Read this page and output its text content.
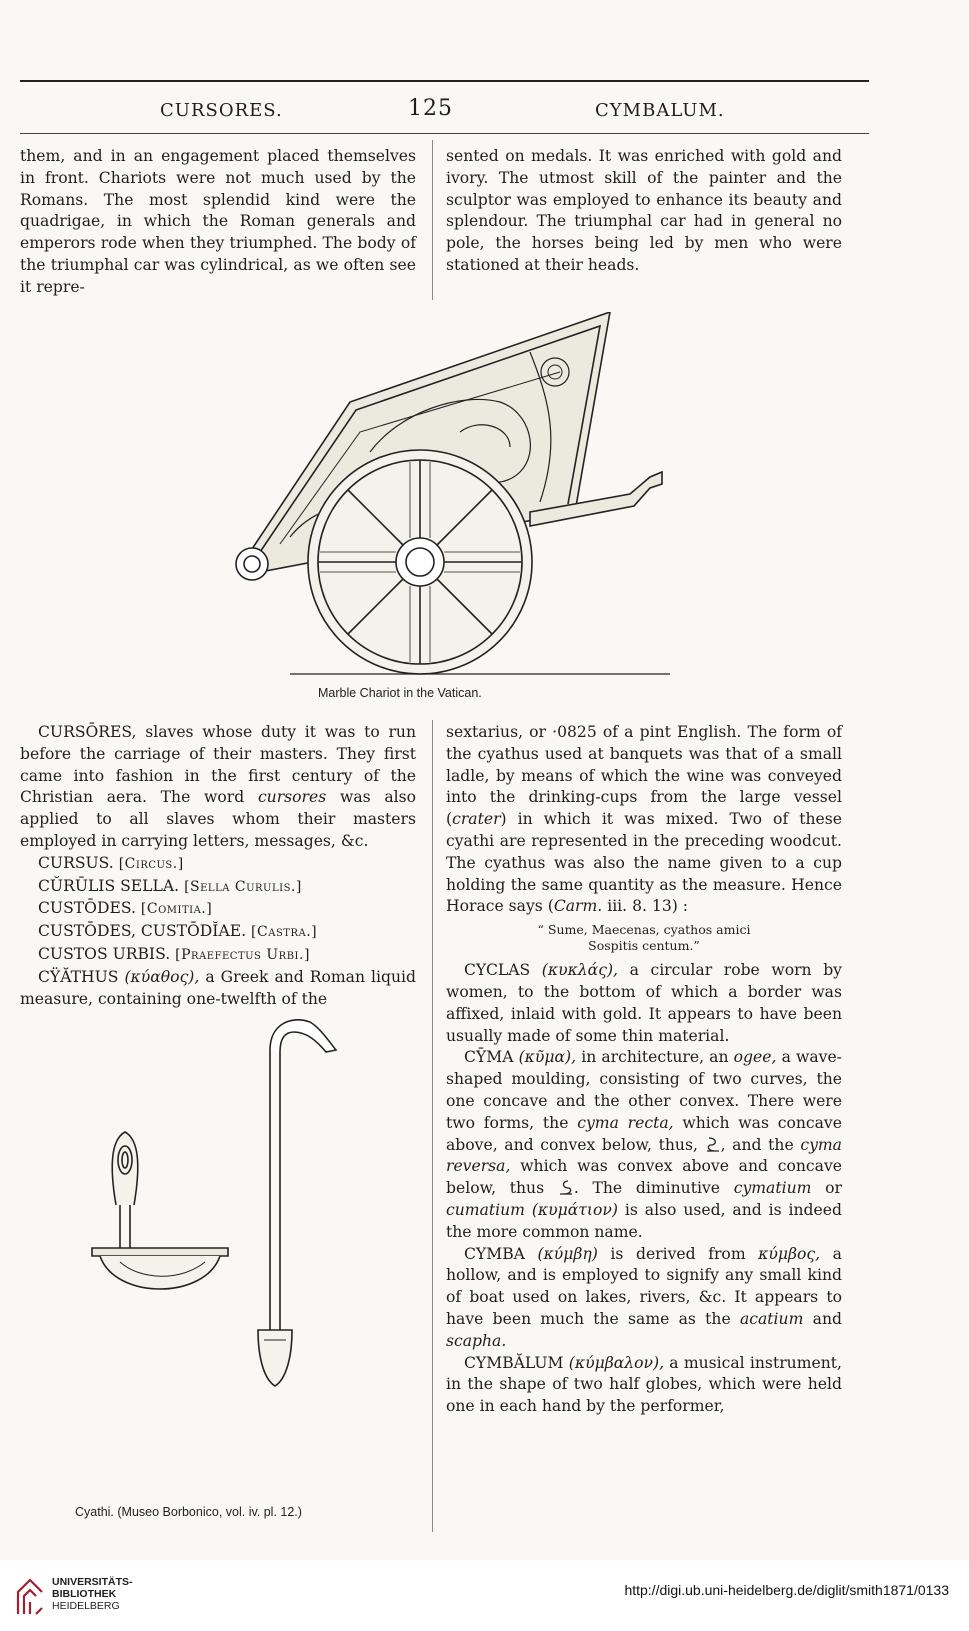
CURSORES.	125	CYMBALUM.

them, and in an engagement placed themselves in front. Chariots were not much used by the Romans. The most splendid kind were the quadrigae, in which the Roman generals and emperors rode when they triumphed. The body of the triumphal car was cylindrical, as we often see it repre-

sented on medals. It was enriched with gold and ivory. The utmost skill of the painter and the sculptor was employed to enhance its beauty and splendour. The triumphal car had in general no pole, the horses being led by men who were stationed at their heads.

Marble Chariot in the Vatican.

CURSŌRES, slaves whose duty it was to run before the carriage of their masters. They first came into fashion in the first century of the Christian aera. The word cursores was also applied to all slaves whom their masters employed in carrying letters, messages, &c.

CURSUS. [Circus.]

CŬRŪLIS SELLA. [Sella Curulis.]

CUSTŌDES. [Comitia.]

CUSTŌDES, CUSTŌDĬAE. [Castra.]

CUSTOS URBIS. [Praefectus Urbi.]

CŸĂTHUS (κύαθος), a Greek and Roman liquid measure, containing one-twelfth of the

Cyathi. (Museo Borbonico, vol. iv. pl. 12.)

sextarius, or ·0825 of a pint English. The form of the cyathus used at banquets was that of a small ladle, by means of which the wine was conveyed into the drinking-cups from the large vessel (crater) in which it was mixed. Two of these cyathi are represented in the preceding woodcut. The cyathus was also the name given to a cup holding the same quantity as the measure. Hence Horace says (Carm. iii. 8. 13) :

“ Sume, Maecenas, cyathos amici
Sospitis centum.”

CYCLAS (κυκλάς), a circular robe worn by women, to the bottom of which a border was affixed, inlaid with gold. It appears to have been usually made of some thin material.

CȲMA (κῦμα), in architecture, an ogee, a wave-shaped moulding, consisting of two curves, the one concave and the other convex. There were two forms, the cyma recta, which was concave above, and convex below, thus, , and the cyma reversa, which was convex above and concave below, thus . The diminutive cymatium or cumatium (κυμάτιον) is also used, and is indeed the more common name.

CYMBA (κύμβη) is derived from κύμβος, a hollow, and is employed to signify any small kind of boat used on lakes, rivers, &c. It appears to have been much the same as the acatium and scapha.

CYMBĂLUM (κύμβαλον), a musical instrument, in the shape of two half globes, which were held one in each hand by the performer,

UNIVERSITÄTS-
BIBLIOTHEK
HEIDELBERG
http://digi.ub.uni-heidelberg.de/diglit/smith1871/0133
